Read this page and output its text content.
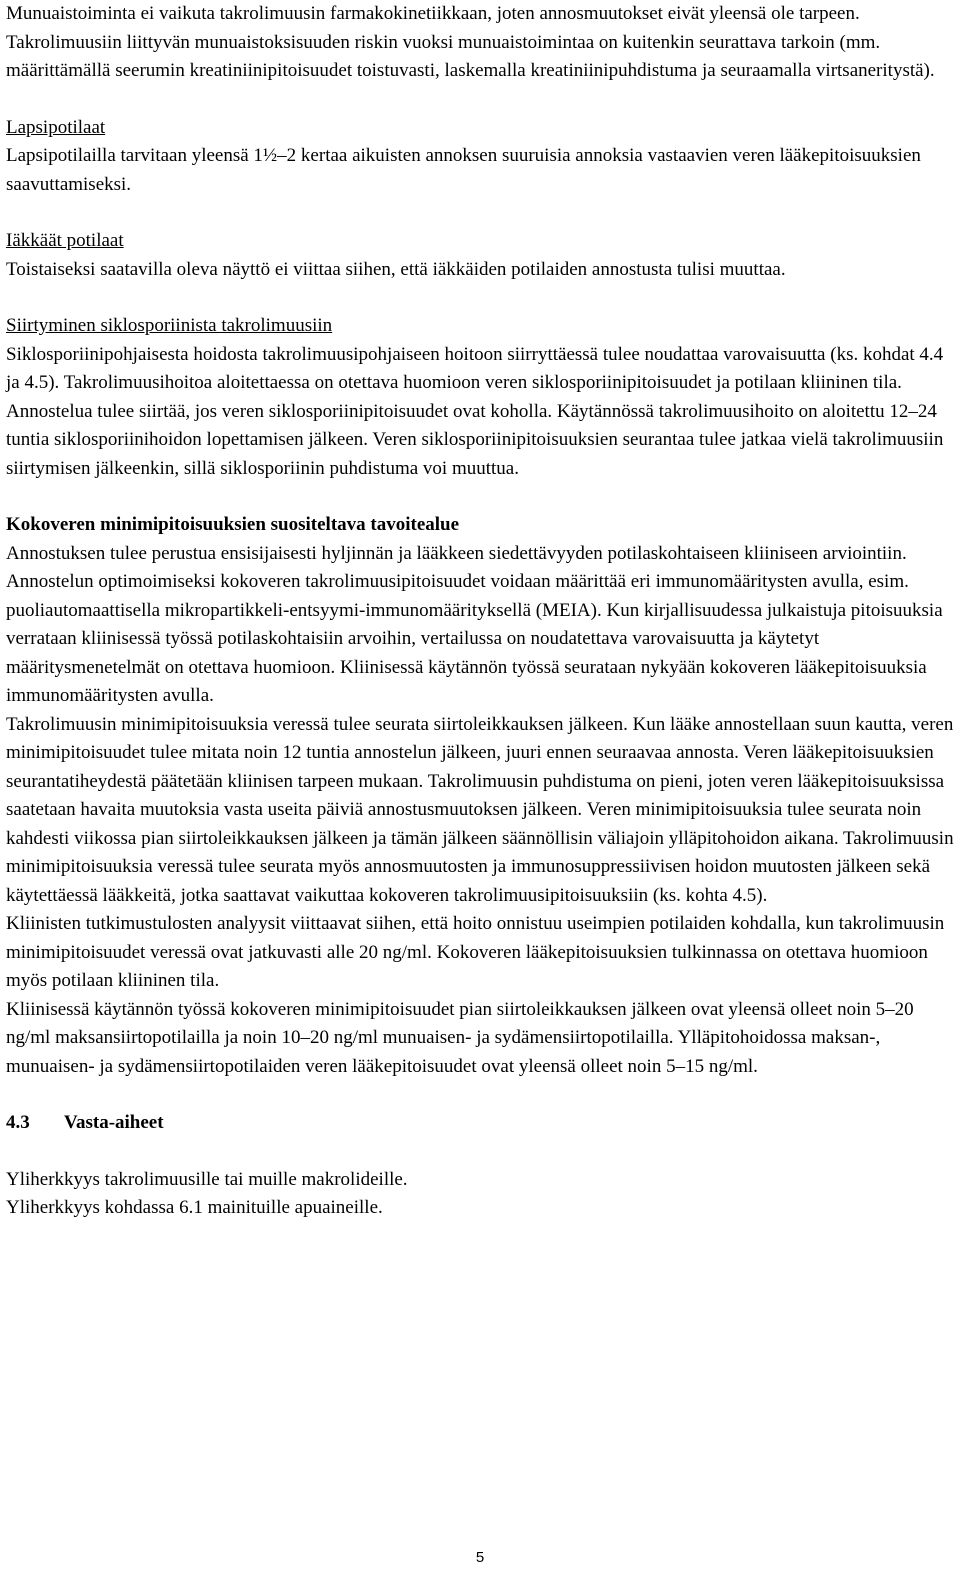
Munuaistoiminta ei vaikuta takrolimuusin farmakokinetiikkaan, joten annosmuutokset eivät yleensä ole tarpeen. Takrolimuusiin liittyvän munuaistoksisuuden riskin vuoksi munuaistoimintaa on kuitenkin seurattava tarkoin (mm. määrittämällä seerumin kreatiniinipitoisuudet toistuvasti, laskemalla kreatiniinipuhdistuma ja seuraamalla virtsaneritystä).

Lapsipotilaat

Lapsipotilailla tarvitaan yleensä 1½–2 kertaa aikuisten annoksen suuruisia annoksia vastaavien veren lääkepitoisuuksien saavuttamiseksi.

Iäkkäät potilaat

Toistaiseksi saatavilla oleva näyttö ei viittaa siihen, että iäkkäiden potilaiden annostusta tulisi muuttaa.

Siirtyminen siklosporiinista takrolimuusiin

Siklosporiinipohjaisesta hoidosta takrolimuusipohjaiseen hoitoon siirryttäessä tulee noudattaa varovaisuutta (ks. kohdat 4.4 ja 4.5). Takrolimuusihoitoa aloitettaessa on otettava huomioon veren siklosporiinipitoisuudet ja potilaan kliininen tila. Annostelua tulee siirtää, jos veren siklosporiinipitoisuudet ovat koholla. Käytännössä takrolimuusihoito on aloitettu 12–24 tuntia siklosporiinihoidon lopettamisen jälkeen. Veren siklosporiinipitoisuuksien seurantaa tulee jatkaa vielä takrolimuusiin siirtymisen jälkeenkin, sillä siklosporiinin puhdistuma voi muuttua.

Kokoveren minimipitoisuuksien suositeltava tavoitealue

Annostuksen tulee perustua ensisijaisesti hyljinnän ja lääkkeen siedettävyyden potilaskohtaiseen kliiniseen arviointiin.

Annostelun optimoimiseksi kokoveren takrolimuusipitoisuudet voidaan määrittää eri immunomääritysten avulla, esim. puoliautomaattisella mikropartikkeli-entsyymi-immunomäärityksellä (MEIA). Kun kirjallisuudessa julkaistuja pitoisuuksia verrataan kliinisessä työssä potilaskohtaisiin arvoihin, vertailussa on noudatettava varovaisuutta ja käytetyt määritysmenetelmät on otettava huomioon. Kliinisessä käytännön työssä seurataan nykyään kokoveren lääkepitoisuuksia immunomääritysten avulla.

Takrolimuusin minimipitoisuuksia veressä tulee seurata siirtoleikkauksen jälkeen. Kun lääke annostellaan suun kautta, veren minimipitoisuudet tulee mitata noin 12 tuntia annostelun jälkeen, juuri ennen seuraavaa annosta. Veren lääkepitoisuuksien seurantatiheydestä päätetään kliinisen tarpeen mukaan. Takrolimuusin puhdistuma on pieni, joten veren lääkepitoisuuksissa saatetaan havaita muutoksia vasta useita päiviä annostusmuutoksen jälkeen. Veren minimipitoisuuksia tulee seurata noin kahdesti viikossa pian siirtoleikkauksen jälkeen ja tämän jälkeen säännöllisin väliajoin ylläpitohoidon aikana. Takrolimuusin minimipitoisuuksia veressä tulee seurata myös annosmuutosten ja immunosuppressiivisen hoidon muutosten jälkeen sekä käytettäessä lääkkeitä, jotka saattavat vaikuttaa kokoveren takrolimuusipitoisuuksiin (ks. kohta 4.5).

Kliinisten tutkimustulosten analyysit viittaavat siihen, että hoito onnistuu useimpien potilaiden kohdalla, kun takrolimuusin minimipitoisuudet veressä ovat jatkuvasti alle 20 ng/ml. Kokoveren lääkepitoisuuksien tulkinnassa on otettava huomioon myös potilaan kliininen tila.

Kliinisessä käytännön työssä kokoveren minimipitoisuudet pian siirtoleikkauksen jälkeen ovat yleensä olleet noin 5–20 ng/ml maksansiirtopotilailla ja noin 10–20 ng/ml munuaisen- ja sydämensiirtopotilailla. Ylläpitohoidossa maksan-, munuaisen- ja sydämensiirtopotilaiden veren lääkepitoisuudet ovat yleensä olleet noin 5–15 ng/ml.

4.3	Vasta-aiheet

Yliherkkyys takrolimuusille tai muille makrolideille.

Yliherkkyys kohdassa 6.1 mainituille apuaineille.

5
